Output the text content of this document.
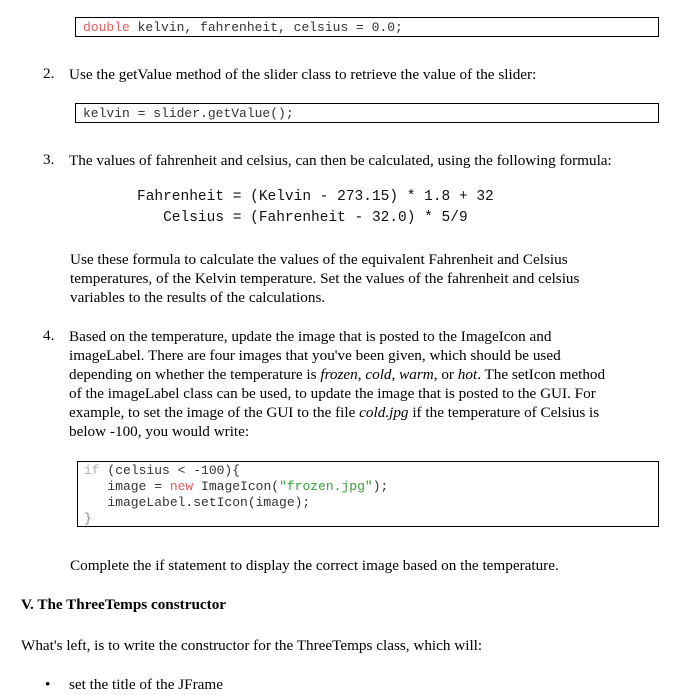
double kelvin, fahrenheit, celsius = 0.0;
2. Use the getValue method of the slider class to retrieve the value of the slider:
kelvin = slider.getValue();
3. The values of fahrenheit and celsius, can then be calculated, using the following formula:
Fahrenheit = (Kelvin - 273.15) * 1.8 + 32
Celsius = (Fahrenheit - 32.0) * 5/9
Use these formula to calculate the values of the equivalent Fahrenheit and Celsius
temperatures, of the Kelvin temperature. Set the values of the fahrenheit and celsius
variables to the results of the calculations.
4. Based on the temperature, update the image that is posted to the ImageIcon and
imageLabel. There are four images that you've been given, which should be used
depending on whether the temperature is frozen, cold, warm, or hot. The setIcon method
of the imageLabel class can be used, to update the image that is posted to the GUI. For
example, to set the image of the GUI to the file cold.jpg if the temperature of Celsius is
below -100, you would write:
if (celsius < -100){
image = new ImageIcon("frozen.jpg");
imageLabel.setIcon(image);
}
Complete the if statement to display the correct image based on the temperature.
V. The ThreeTemps constructor
What's left, is to write the constructor for the ThreeTemps class, which will:
• set the title of the JFrame
